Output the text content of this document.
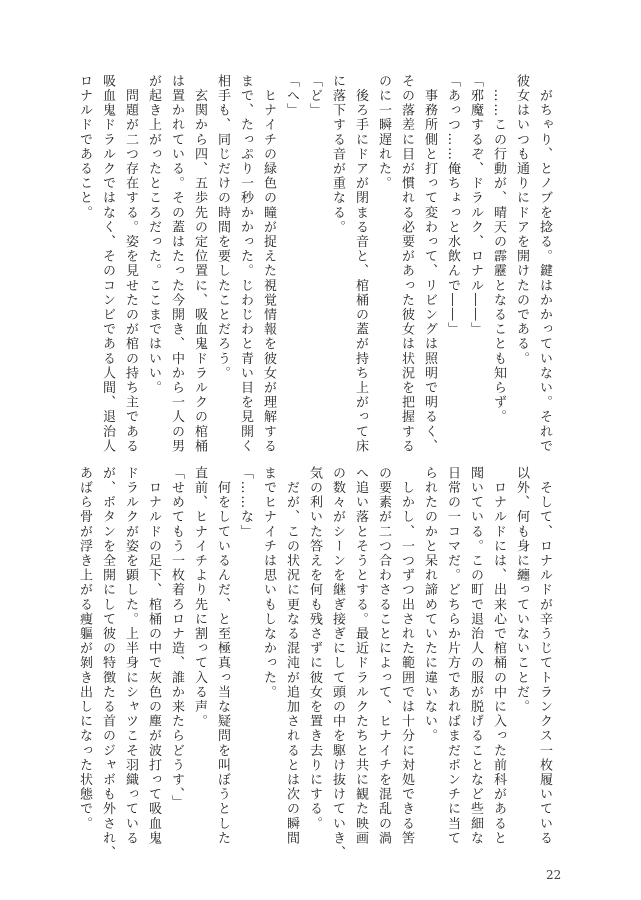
　がちゃり、とノブを捻る。鍵はかかっていない。それで
彼女はいつも通りにドアを開けたのである。
　……この行動が、晴天の霹靂となることも知らず。
「邪魔するぞ、ドラルク、ロナル――」
「あっつ……俺ちょっと水飲んで――」
　事務所側と打って変わって、リビングは照明で明るく、
その落差に目が慣れる必要があった彼女は状況を把握する
のに一瞬遅れた。
　後ろ手にドアが閉まる音と、棺桶の蓋が持ち上がって床
に落下する音が重なる。
「ど」
「へ」
　ヒナイチの緑色の瞳が捉えた視覚情報を彼女が理解する
まで、たっぷり一秒かかった。じわじわと青い目を見開く
相手も、同じだけの時間を要したことだろう。
　玄関から四、五歩先の定位置に、吸血鬼ドラルクの棺桶
は置かれている。その蓋はたった今開き、中から一人の男
が起き上がったところだった。ここまではいい。
　問題が二つ存在する。姿を見せたのが棺の持ち主である
吸血鬼ドラルクではなく、そのコンビである人間、退治人
ロナルドであること。
　そして、ロナルドが辛うじてトランクス一枚履いている
以外、何も身に纏っていないことだ。
　ロナルドには、出来心で棺桶の中に入った前科があると
聞いている。この町で退治人の服が脱げることなど些細な
日常の一コマだ。どちらか片方であればまだポンチに当て
られたのかと呆れ諦めていたに違いない。
　しかし、一つずつ出された範囲では十分に対処できる筈
の要素が二つ合わさることによって、ヒナイチを混乱の渦
へ追い落とそうとする。最近ドラルクたちと共に観た映画
の数々がシーンを継ぎ接ぎにして頭の中を駆け抜けていき、
気の利いた答えを何も残さずに彼女を置き去りにする。
　だが、この状況に更なる混沌が追加されるとは次の瞬間
までヒナイチは思いもしなかった。
「……な」
　何をしているんだ、と至極真っ当な疑問を叫ぼうとした
直前、ヒナイチより先に割って入る声。
「せめてもう一枚着ろロナ造、誰か来たらどうす、」
　ロナルドの足下、棺桶の中で灰色の塵が波打って吸血鬼
ドラルクが姿を顕した。上半身にシャツこそ羽織っている
が、ボタンを全開にして彼の特徴たる首のジャボも外され、
あばら骨が浮き上がる痩軀が剝き出しになった状態で。
22
